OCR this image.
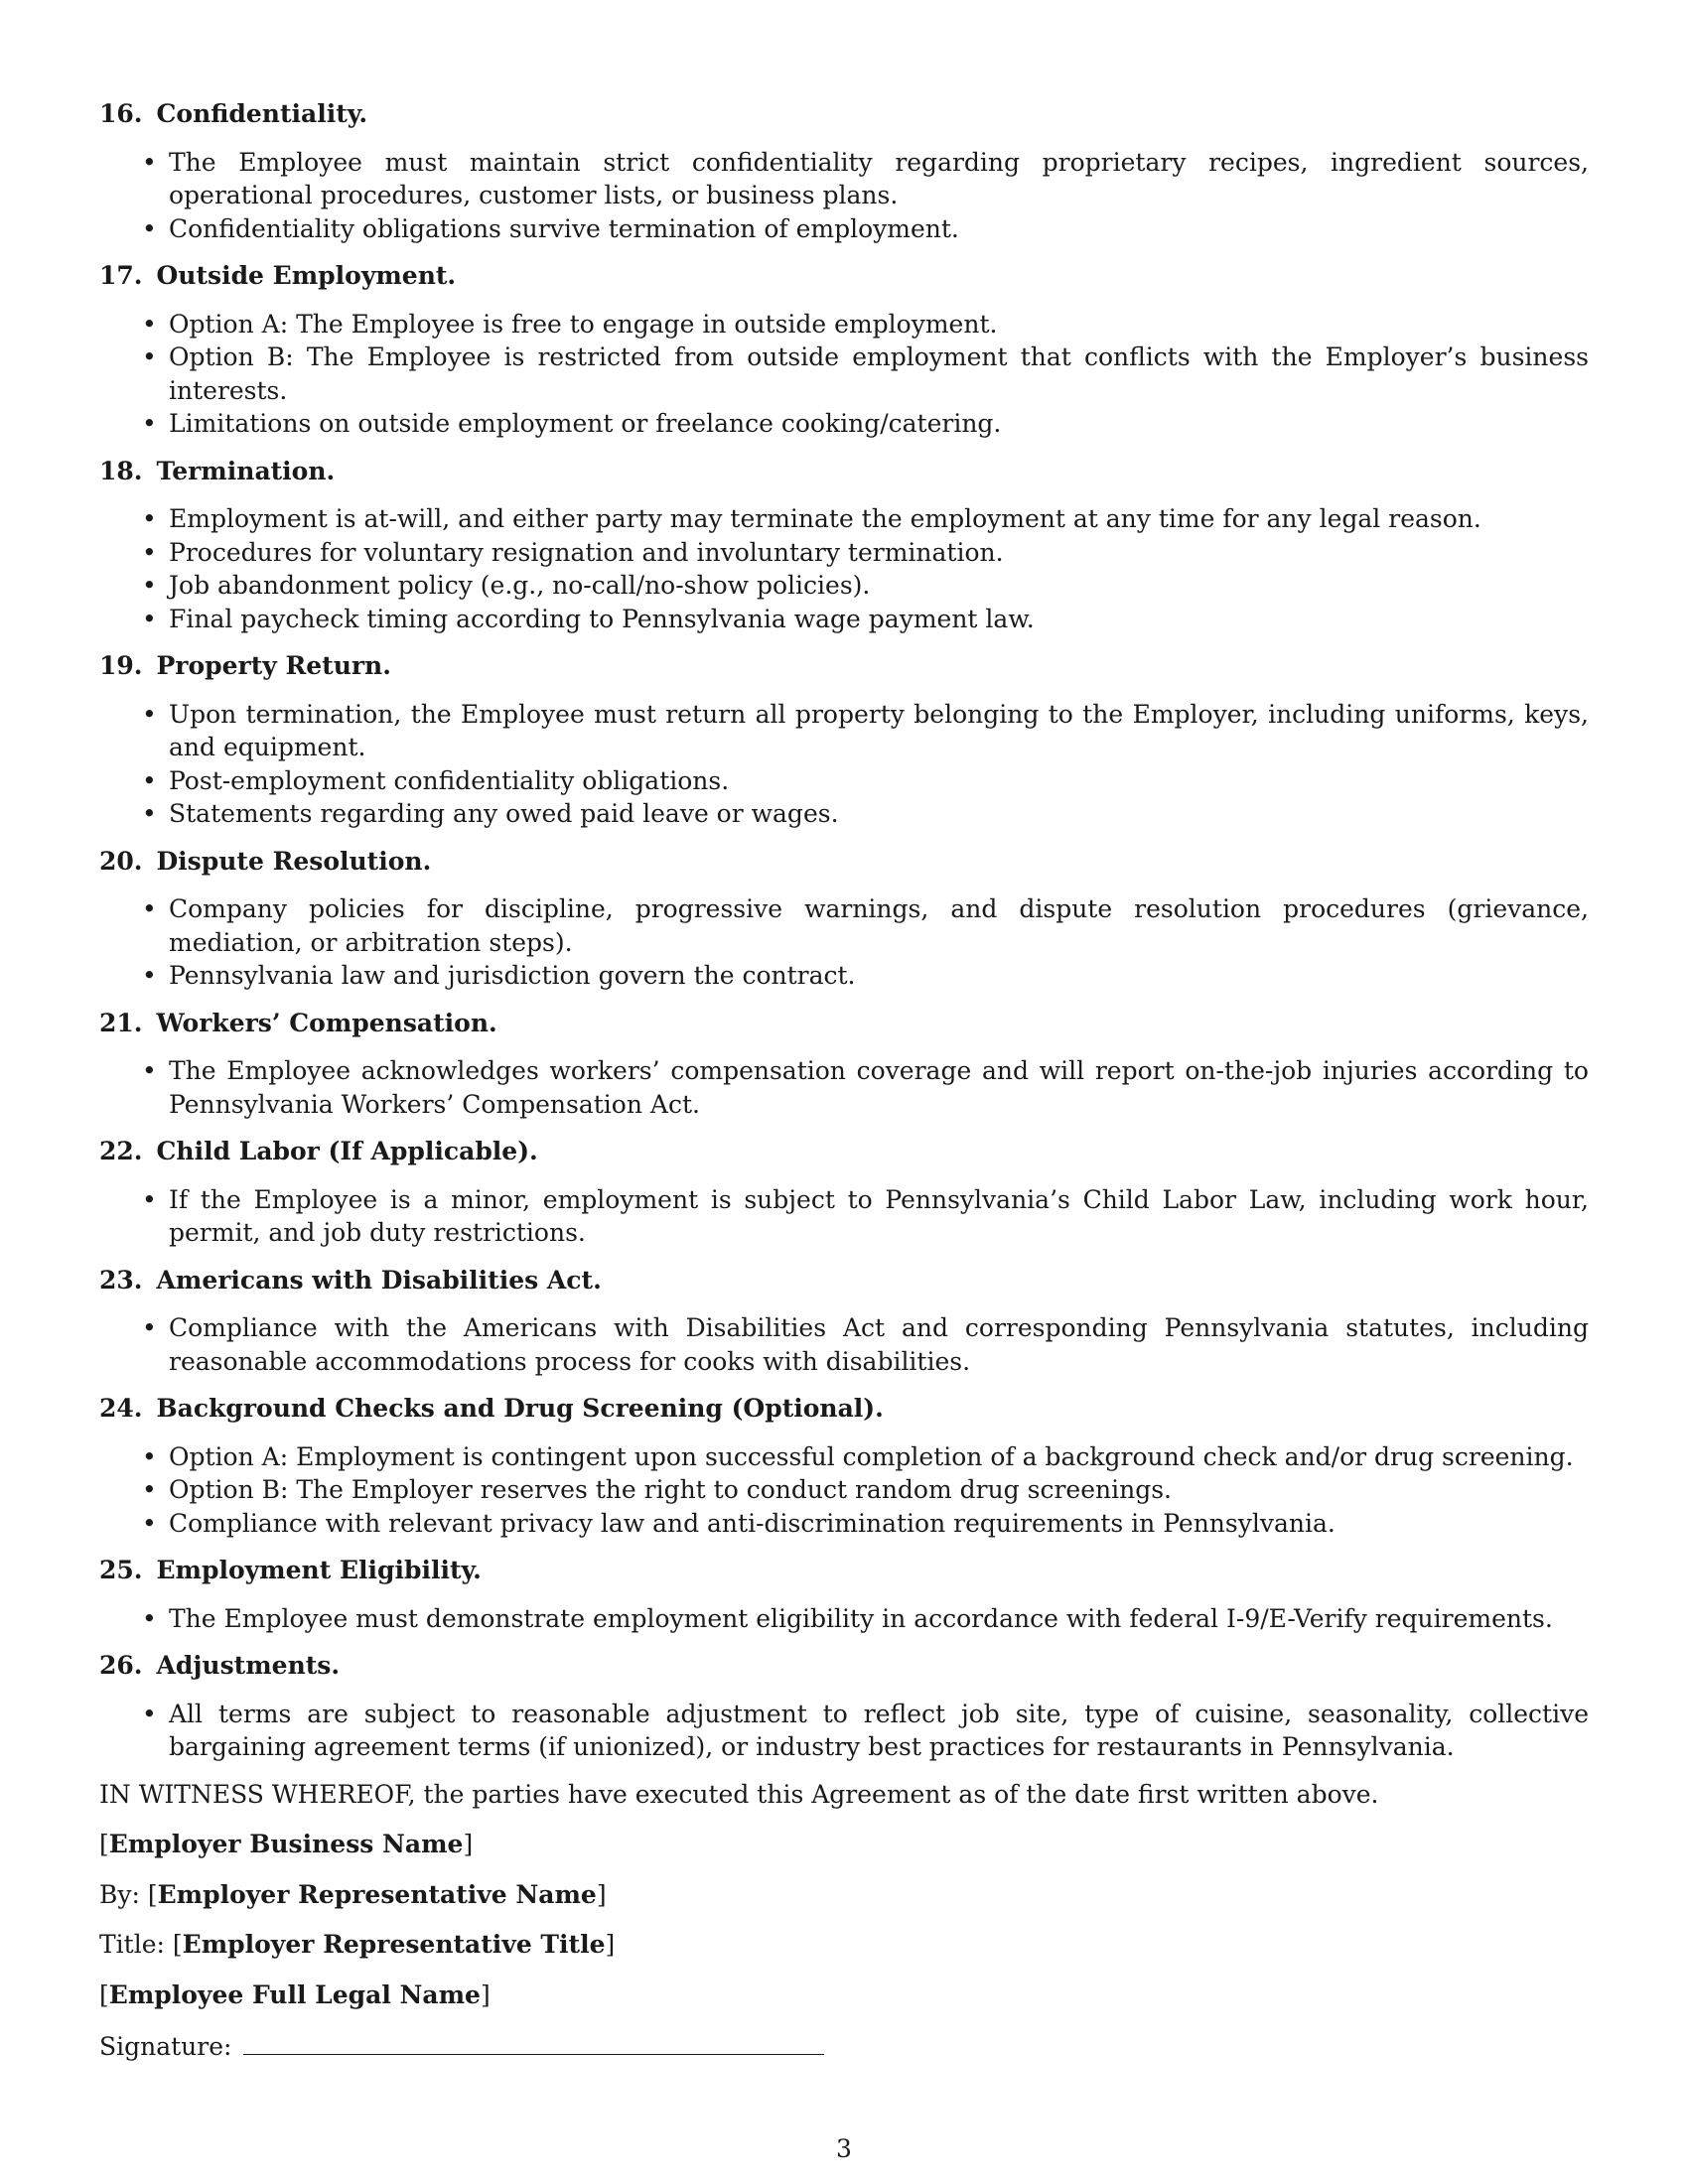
16. Confidentiality.
• The Employee must maintain strict confidentiality regarding proprietary recipes, ingredient sources, operational procedures, customer lists, or business plans.
• Confidentiality obligations survive termination of employment.
17. Outside Employment.
• Option A: The Employee is free to engage in outside employment.
• Option B: The Employee is restricted from outside employment that conflicts with the Employer’s business interests.
• Limitations on outside employment or freelance cooking/catering.
18. Termination.
• Employment is at-will, and either party may terminate the employment at any time for any legal reason.
• Procedures for voluntary resignation and involuntary termination.
• Job abandonment policy (e.g., no-call/no-show policies).
• Final paycheck timing according to Pennsylvania wage payment law.
19. Property Return.
• Upon termination, the Employee must return all property belonging to the Employer, including uniforms, keys, and equipment.
• Post-employment confidentiality obligations.
• Statements regarding any owed paid leave or wages.
20. Dispute Resolution.
• Company policies for discipline, progressive warnings, and dispute resolution procedures (grievance, mediation, or arbitration steps).
• Pennsylvania law and jurisdiction govern the contract.
21. Workers’ Compensation.
• The Employee acknowledges workers’ compensation coverage and will report on-the-job injuries according to Pennsylvania Workers’ Compensation Act.
22. Child Labor (If Applicable).
• If the Employee is a minor, employment is subject to Pennsylvania’s Child Labor Law, including work hour, permit, and job duty restrictions.
23. Americans with Disabilities Act.
• Compliance with the Americans with Disabilities Act and corresponding Pennsylvania statutes, including reasonable accommodations process for cooks with disabilities.
24. Background Checks and Drug Screening (Optional).
• Option A: Employment is contingent upon successful completion of a background check and/or drug screening.
• Option B: The Employer reserves the right to conduct random drug screenings.
• Compliance with relevant privacy law and anti-discrimination requirements in Pennsylvania.
25. Employment Eligibility.
• The Employee must demonstrate employment eligibility in accordance with federal I-9/E-Verify requirements.
26. Adjustments.
• All terms are subject to reasonable adjustment to reflect job site, type of cuisine, seasonality, collective bargaining agreement terms (if unionized), or industry best practices for restaurants in Pennsylvania.

IN WITNESS WHEREOF, the parties have executed this Agreement as of the date first written above.

[Employer Business Name]
By: [Employer Representative Name]
Title: [Employer Representative Title]
[Employee Full Legal Name]
Signature:
3
